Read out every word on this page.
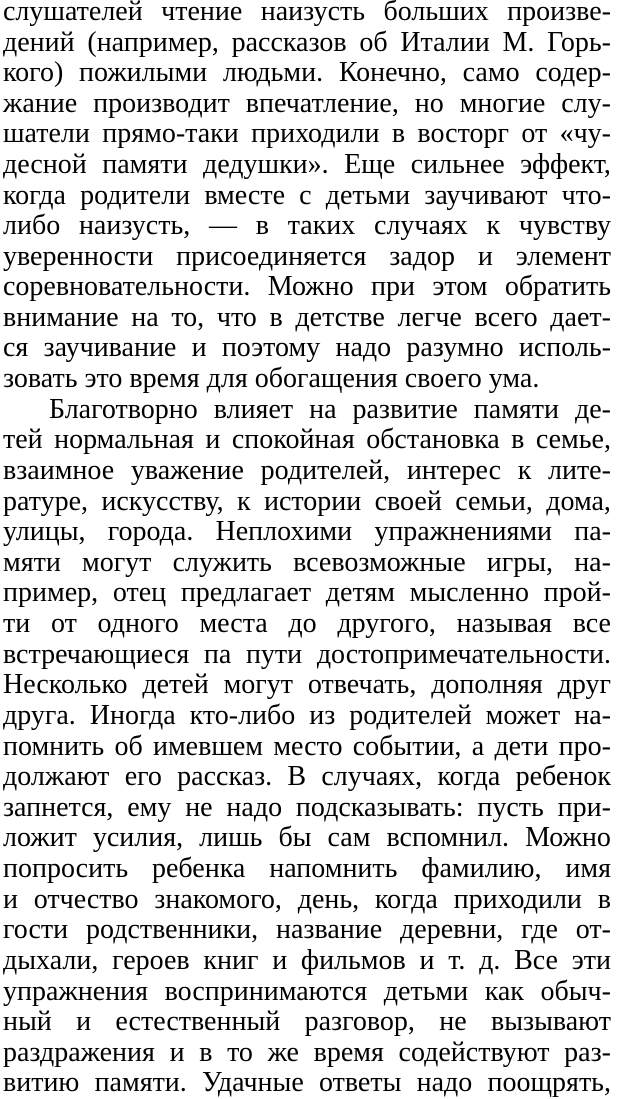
слушателей чтение наизусть больших произве-
дений (например, рассказов об Италии М. Горь-
кого) пожилыми людьми. Конечно, само содер-
жание производит впечатление, но многие слу-
шатели прямо-таки приходили в восторг от «чу-
десной памяти дедушки». Еще сильнее эффект,
когда родители вместе с детьми заучивают что-
либо наизусть, — в таких случаях к чувству
уверенности присоединяется задор и элемент
соревновательности. Можно при этом обратить
внимание на то, что в детстве легче всего дает-
ся заучивание и поэтому надо разумно исполь-
зовать это время для обогащения своего ума.
Благотворно влияет на развитие памяти де-
тей нормальная и спокойная обстановка в семье,
взаимное уважение родителей, интерес к лите-
ратуре, искусству, к истории своей семьи, дома,
улицы, города. Неплохими упражнениями па-
мяти могут служить всевозможные игры, на-
пример, отец предлагает детям мысленно прой-
ти от одного места до другого, называя все
встречающиеся па пути достопримечательности.
Несколько детей могут отвечать, дополняя друг
друга. Иногда кто-либо из родителей может на-
помнить об имевшем место событии, а дети про-
должают его рассказ. В случаях, когда ребенок
запнется, ему не надо подсказывать: пусть при-
ложит усилия, лишь бы сам вспомнил. Можно
попросить ребенка напомнить фамилию, имя
и отчество знакомого, день, когда приходили в
гости родственники, название деревни, где от-
дыхали, героев книг и фильмов и т. д. Все эти
упражнения воспринимаются детьми как обыч-
ный и естественный разговор, не вызывают
раздражения и в то же время содействуют раз-
витию памяти. Удачные ответы надо поощрять,
